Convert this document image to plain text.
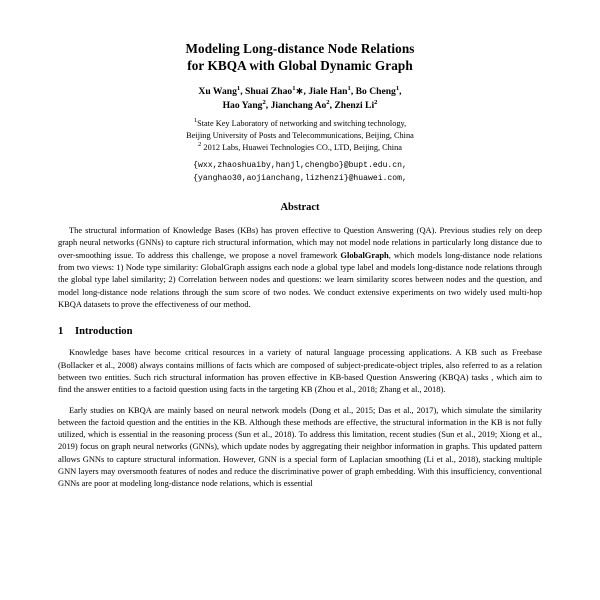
Modeling Long-distance Node Relations
for KBQA with Global Dynamic Graph
Xu Wang$^1$, Shuai Zhao$^1$∗, Jiale Han$^1$, Bo Cheng$^1$,
Hao Yang$^2$, Jianchang Ao$^2$, Zhenzi Li$^2$
$^1$State Key Laboratory of networking and switching technology,
Beijing University of Posts and Telecommunications, Beijing, China
$^2$ 2012 Labs, Huawei Technologies CO., LTD, Beijing, China
{wxx,zhaoshuaiby,hanjl,chengbo}@bupt.edu.cn,
{yanghao30,aojianchang,lizhenzi}@huawei.com,
Abstract
The structural information of Knowledge Bases (KBs) has proven effective to Question Answering (QA). Previous studies rely on deep graph neural networks (GNNs) to capture rich structural information, which may not model node relations in particularly long distance due to over-smoothing issue. To address this challenge, we propose a novel framework GlobalGraph, which models long-distance node relations from two views: 1) Node type similarity: GlobalGraph assigns each node a global type label and models long-distance node relations through the global type label similarity; 2) Correlation between nodes and questions: we learn similarity scores between nodes and the question, and model long-distance node relations through the sum score of two nodes. We conduct extensive experiments on two widely used multi-hop KBQA datasets to prove the effectiveness of our method.
1 Introduction
Knowledge bases have become critical resources in a variety of natural language processing applications. A KB such as Freebase (Bollacker et al., 2008) always contains millions of facts which are composed of subject-predicate-object triples, also referred to as a relation between two entities. Such rich structural information has proven effective in KB-based Question Answering (KBQA) tasks , which aim to find the answer entities to a factoid question using facts in the targeting KB (Zhou et al., 2018; Zhang et al., 2018).
Early studies on KBQA are mainly based on neural network models (Dong et al., 2015; Das et al., 2017), which simulate the similarity between the factoid question and the entities in the KB. Although these methods are effective, the structural information in the KB is not fully utilized, which is essential in the reasoning process (Sun et al., 2018). To address this limitation, recent studies (Sun et al., 2019; Xiong et al., 2019) focus on graph neural networks (GNNs), which update nodes by aggregating their neighbor information in graphs. This updated pattern allows GNNs to capture structural information. However, GNN is a special form of Laplacian smoothing (Li et al., 2018), stacking multiple GNN layers may oversmooth features of nodes and reduce the discriminative power of graph embedding. With this insufficiency, conventional GNNs are poor at modeling long-distance node relations, which is essential
